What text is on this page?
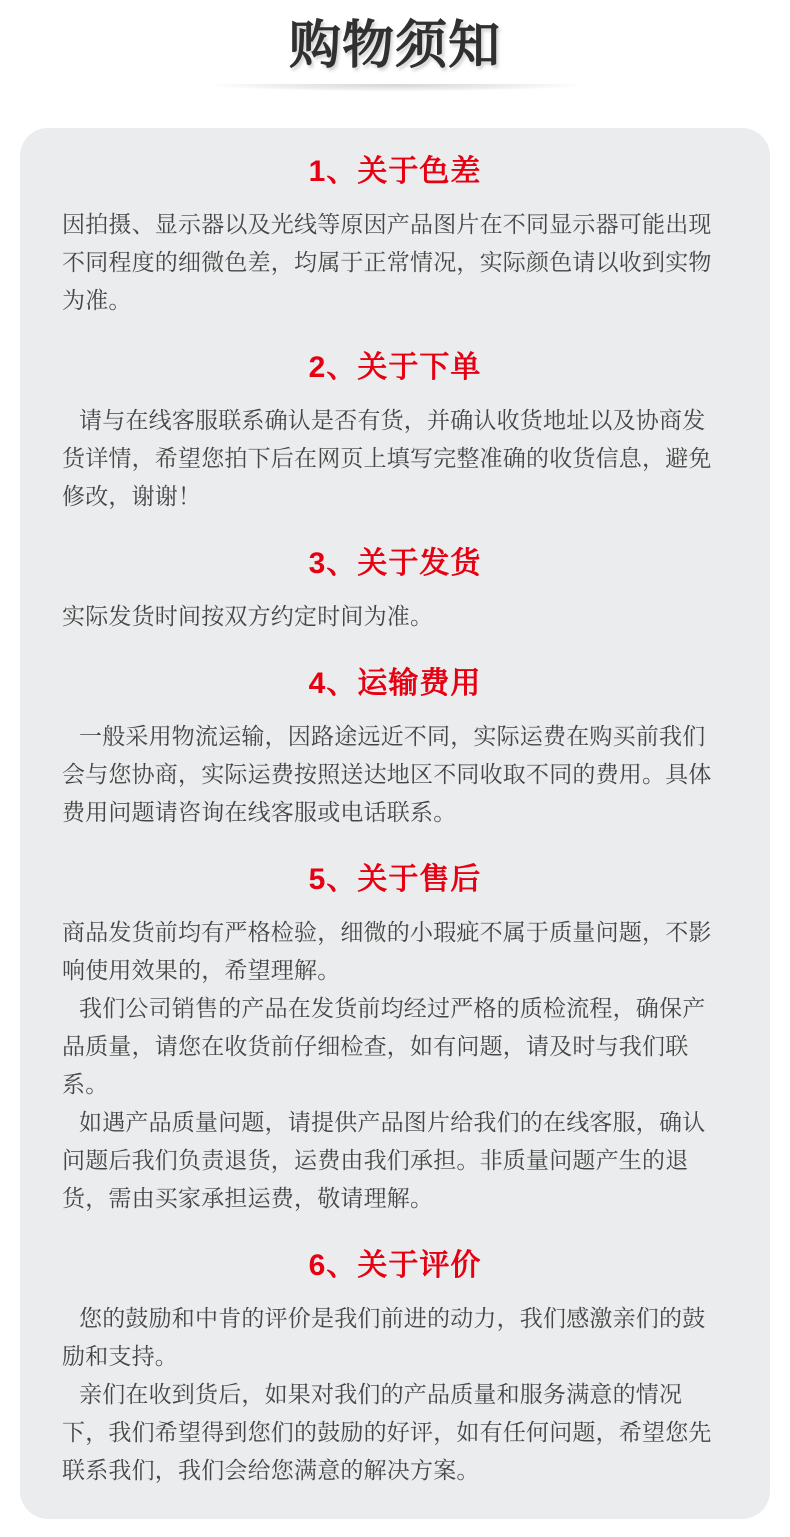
购物须知
1、关于色差

因拍摄、显示器以及光线等原因产品图片在不同显示器可能出现不同程度的细微色差，均属于正常情况，实际颜色请以收到实物为准。

2、关于下单

请与在线客服联系确认是否有货，并确认收货地址以及协商发货详情，希望您拍下后在网页上填写完整准确的收货信息，避免修改，谢谢！

3、关于发货

实际发货时间按双方约定时间为准。

4、运输费用

一般采用物流运输，因路途远近不同，实际运费在购买前我们会与您协商，实际运费按照送达地区不同收取不同的费用。具体费用问题请咨询在线客服或电话联系。

5、关于售后

商品发货前均有严格检验，细微的小瑕疵不属于质量问题，不影响使用效果的，希望理解。

我们公司销售的产品在发货前均经过严格的质检流程，确保产品质量，请您在收货前仔细检查，如有问题，请及时与我们联系。

如遇产品质量问题，请提供产品图片给我们的在线客服，确认问题后我们负责退货，运费由我们承担。非质量问题产生的退货，需由买家承担运费，敬请理解。

6、关于评价

您的鼓励和中肯的评价是我们前进的动力，我们感激亲们的鼓励和支持。

亲们在收到货后，如果对我们的产品质量和服务满意的情况下，我们希望得到您们的鼓励的好评，如有任何问题，希望您先联系我们，我们会给您满意的解决方案。
